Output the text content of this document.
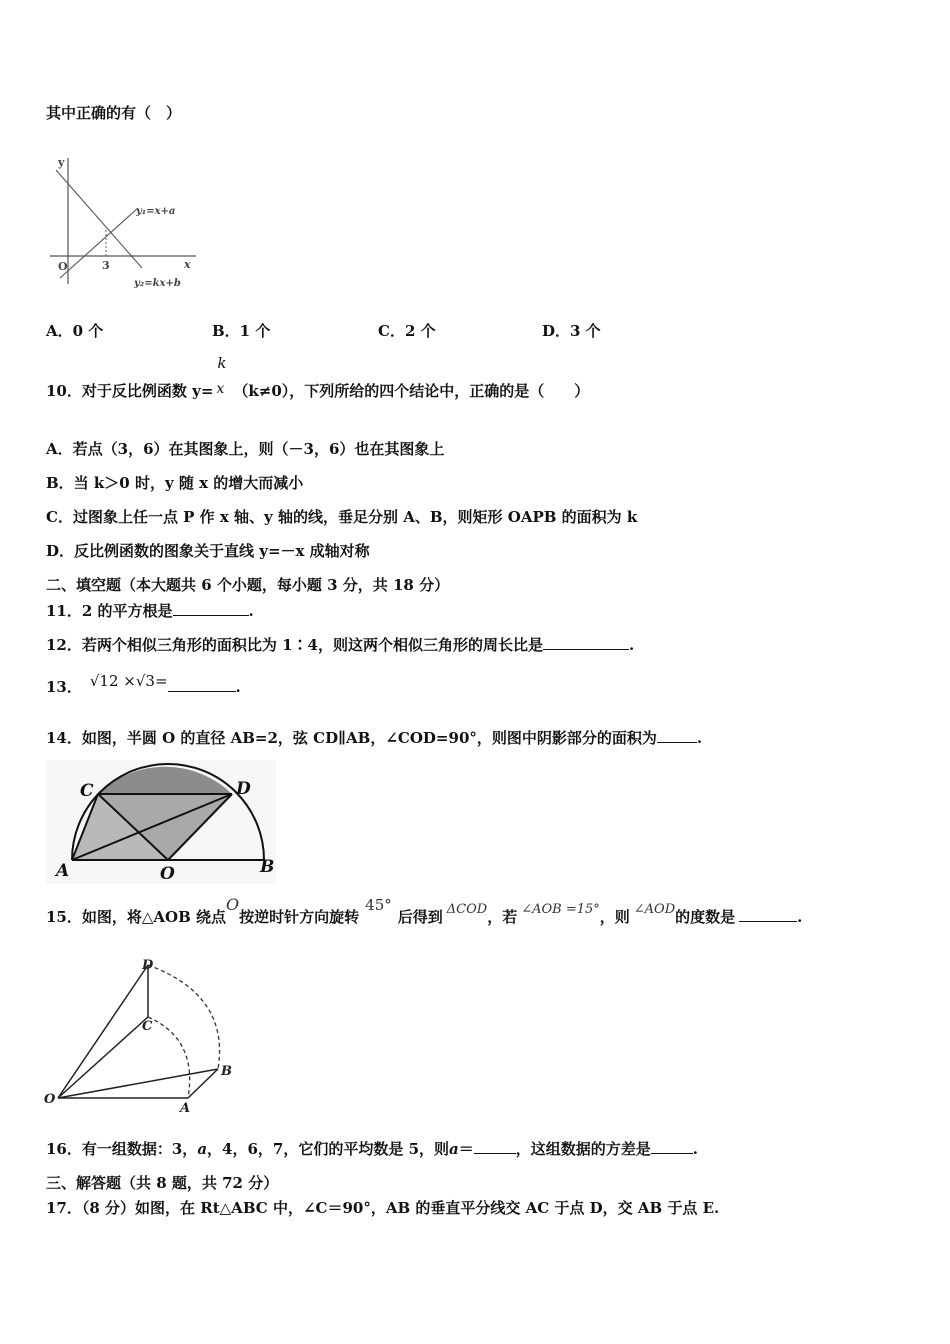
其中正确的有（　）
y
x
O	3
y₁=x+a
y₂=kx+b
A．0 个	B．1 个	C．2 个	D．3 个
10．对于反比例函数 y=
k
x （k≠0），下列所给的四个结论中，正确的是（　　）
A．若点（3，6）在其图象上，则（－3，6）也在其图象上
B．当 k＞0 时，y 随 x 的增大而减小
C．过图象上任一点 P 作 x 轴、y 轴的线，垂足分别 A、B，则矩形 OAPB 的面积为 k
D．反比例函数的图象关于直线 y=－x 成轴对称
二、填空题（本大题共 6 个小题，每小题 3 分，共 18 分）
11．2 的平方根是	.
12．若两个相似三角形的面积比为 1∶4，则这两个相似三角形的周长比是	.
13． √12 ×√3=	.
14．如图，半圆 O 的直径 AB=2，弦 CD∥AB，∠COD=90°，则图中阴影部分的面积为	.
C	D
A	O	B
15．如图，将△AOB 绕点O按逆时针方向旋转45°后得到 ΔCOD，若 ∠AOB =15°，则 ∠AOD的度数是	.
D
C
B
O
A
16．有一组数据：3，a，4，6，7，它们的平均数是 5，则a＝	，这组数据的方差是	.
三、解答题（共 8 题，共 72 分）
17．（8 分）如图，在 Rt△ABC 中，∠C＝90°，AB 的垂直平分线交 AC 于点 D，交 AB 于点 E.
